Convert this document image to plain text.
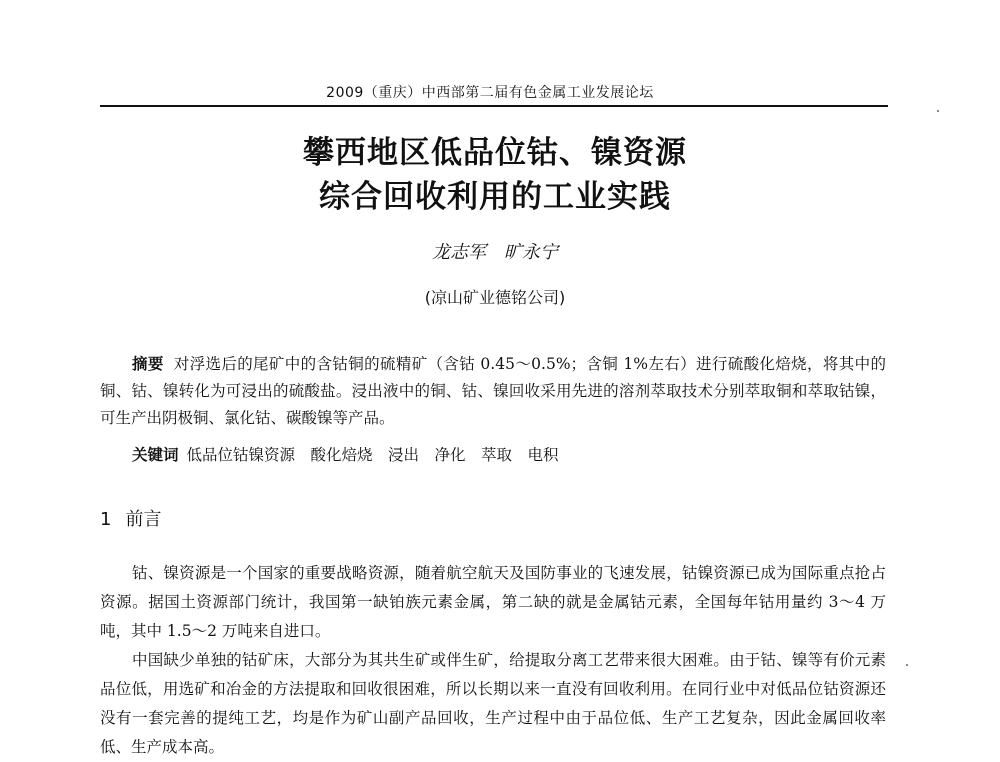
2009（重庆）中西部第二届有色金属工业发展论坛
攀西地区低品位钴、镍资源
综合回收利用的工业实践
龙志军　旷永宁
(凉山矿业德铭公司)
摘要 对浮选后的尾矿中的含钴铜的硫精矿（含钴 0.45～0.5%；含铜 1%左右）进行硫酸化焙烧，将其中的铜、钴、镍转化为可浸出的硫酸盐。浸出液中的铜、钴、镍回收采用先进的溶剂萃取技术分别萃取铜和萃取钴镍，可生产出阴极铜、氯化钴、碳酸镍等产品。
关键词 低品位钴镍资源　酸化焙烧　浸出　净化　萃取　电积
1 前言

钴、镍资源是一个国家的重要战略资源，随着航空航天及国防事业的飞速发展，钴镍资源已成为国际重点抢占资源。据国土资源部门统计，我国第一缺铂族元素金属，第二缺的就是金属钴元素，全国每年钴用量约 3～4 万吨，其中 1.5～2 万吨来自进口。

中国缺少单独的钴矿床，大部分为其共生矿或伴生矿，给提取分离工艺带来很大困难。由于钴、镍等有价元素品位低，用选矿和冶金的方法提取和回收很困难，所以长期以来一直没有回收利用。在同行业中对低品位钴资源还没有一套完善的提纯工艺，均是作为矿山副产品回收，生产过程中由于品位低、生产工艺复杂，因此金属回收率低、生产成本高。
